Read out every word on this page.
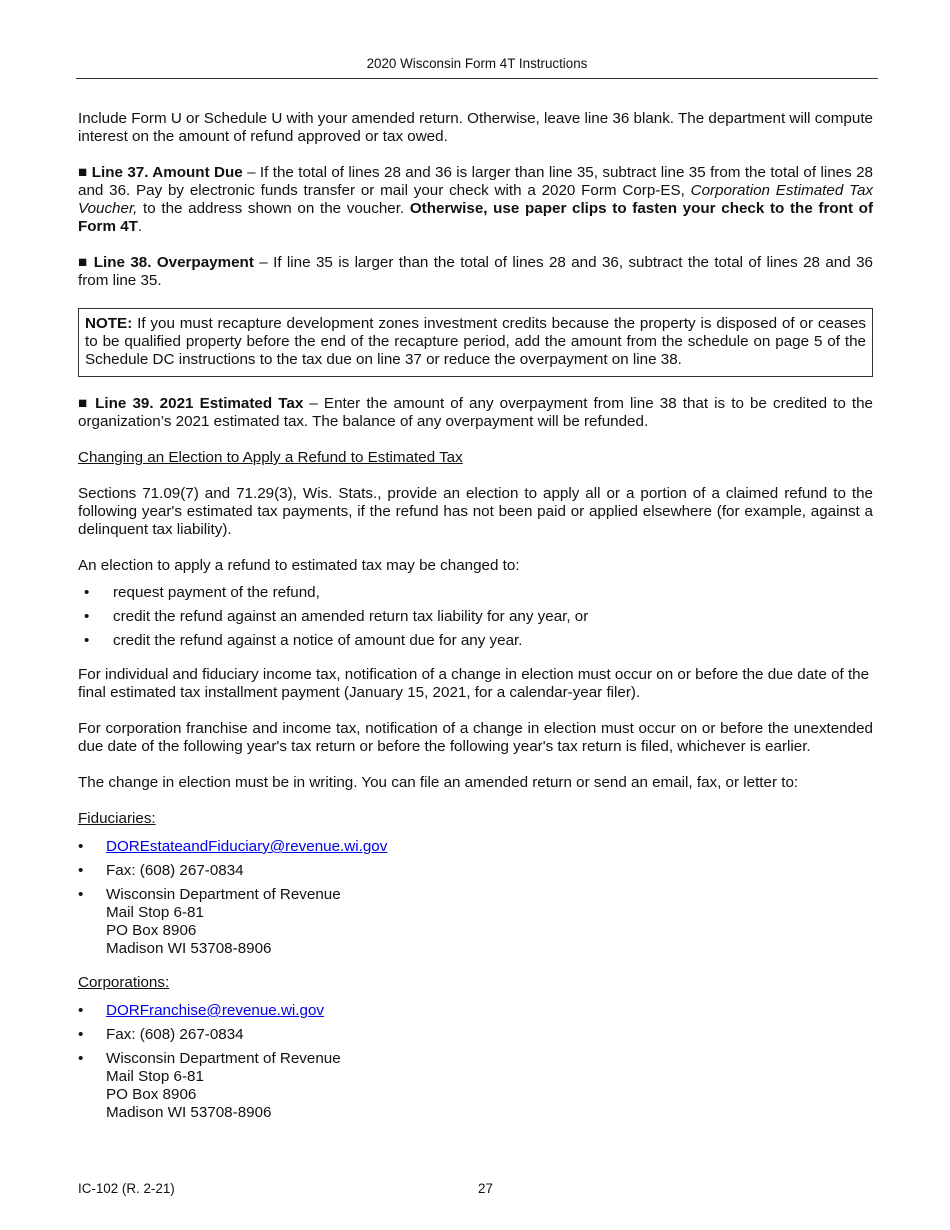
2020 Wisconsin Form 4T Instructions

Include Form U or Schedule U with your amended return. Otherwise, leave line 36 blank. The department will compute interest on the amount of refund approved or tax owed.

■ Line 37. Amount Due – If the total of lines 28 and 36 is larger than line 35, subtract line 35 from the total of lines 28 and 36. Pay by electronic funds transfer or mail your check with a 2020 Form Corp-ES, Corporation Estimated Tax Voucher, to the address shown on the voucher. Otherwise, use paper clips to fasten your check to the front of Form 4T.

■ Line 38. Overpayment – If line 35 is larger than the total of lines 28 and 36, subtract the total of lines 28 and 36 from line 35.

NOTE: If you must recapture development zones investment credits because the property is disposed of or ceases to be qualified property before the end of the recapture period, add the amount from the schedule on page 5 of the Schedule DC instructions to the tax due on line 37 or reduce the overpayment on line 38.

■ Line 39. 2021 Estimated Tax – Enter the amount of any overpayment from line 38 that is to be credited to the organization’s 2021 estimated tax. The balance of any overpayment will be refunded.

Changing an Election to Apply a Refund to Estimated Tax

Sections 71.09(7) and 71.29(3), Wis. Stats., provide an election to apply all or a portion of a claimed refund to the following year's estimated tax payments, if the refund has not been paid or applied elsewhere (for example, against a delinquent tax liability).

An election to apply a refund to estimated tax may be changed to:

• request payment of the refund,
• credit the refund against an amended return tax liability for any year, or
• credit the refund against a notice of amount due for any year.

For individual and fiduciary income tax, notification of a change in election must occur on or before the due date of the final estimated tax installment payment (January 15, 2021, for a calendar-year filer).

For corporation franchise and income tax, notification of a change in election must occur on or before the unextended due date of the following year's tax return or before the following year's tax return is filed, whichever is earlier.

The change in election must be in writing. You can file an amended return or send an email, fax, or letter to:

Fiduciaries:

• DOREstateandFiduciary@revenue.wi.gov
• Fax: (608) 267-0834
• Wisconsin Department of Revenue
Mail Stop 6-81
PO Box 8906
Madison WI 53708-8906

Corporations:

• DORFranchise@revenue.wi.gov
• Fax: (608) 267-0834
• Wisconsin Department of Revenue
Mail Stop 6-81
PO Box 8906
Madison WI 53708-8906
IC-102 (R. 2-21)	27
